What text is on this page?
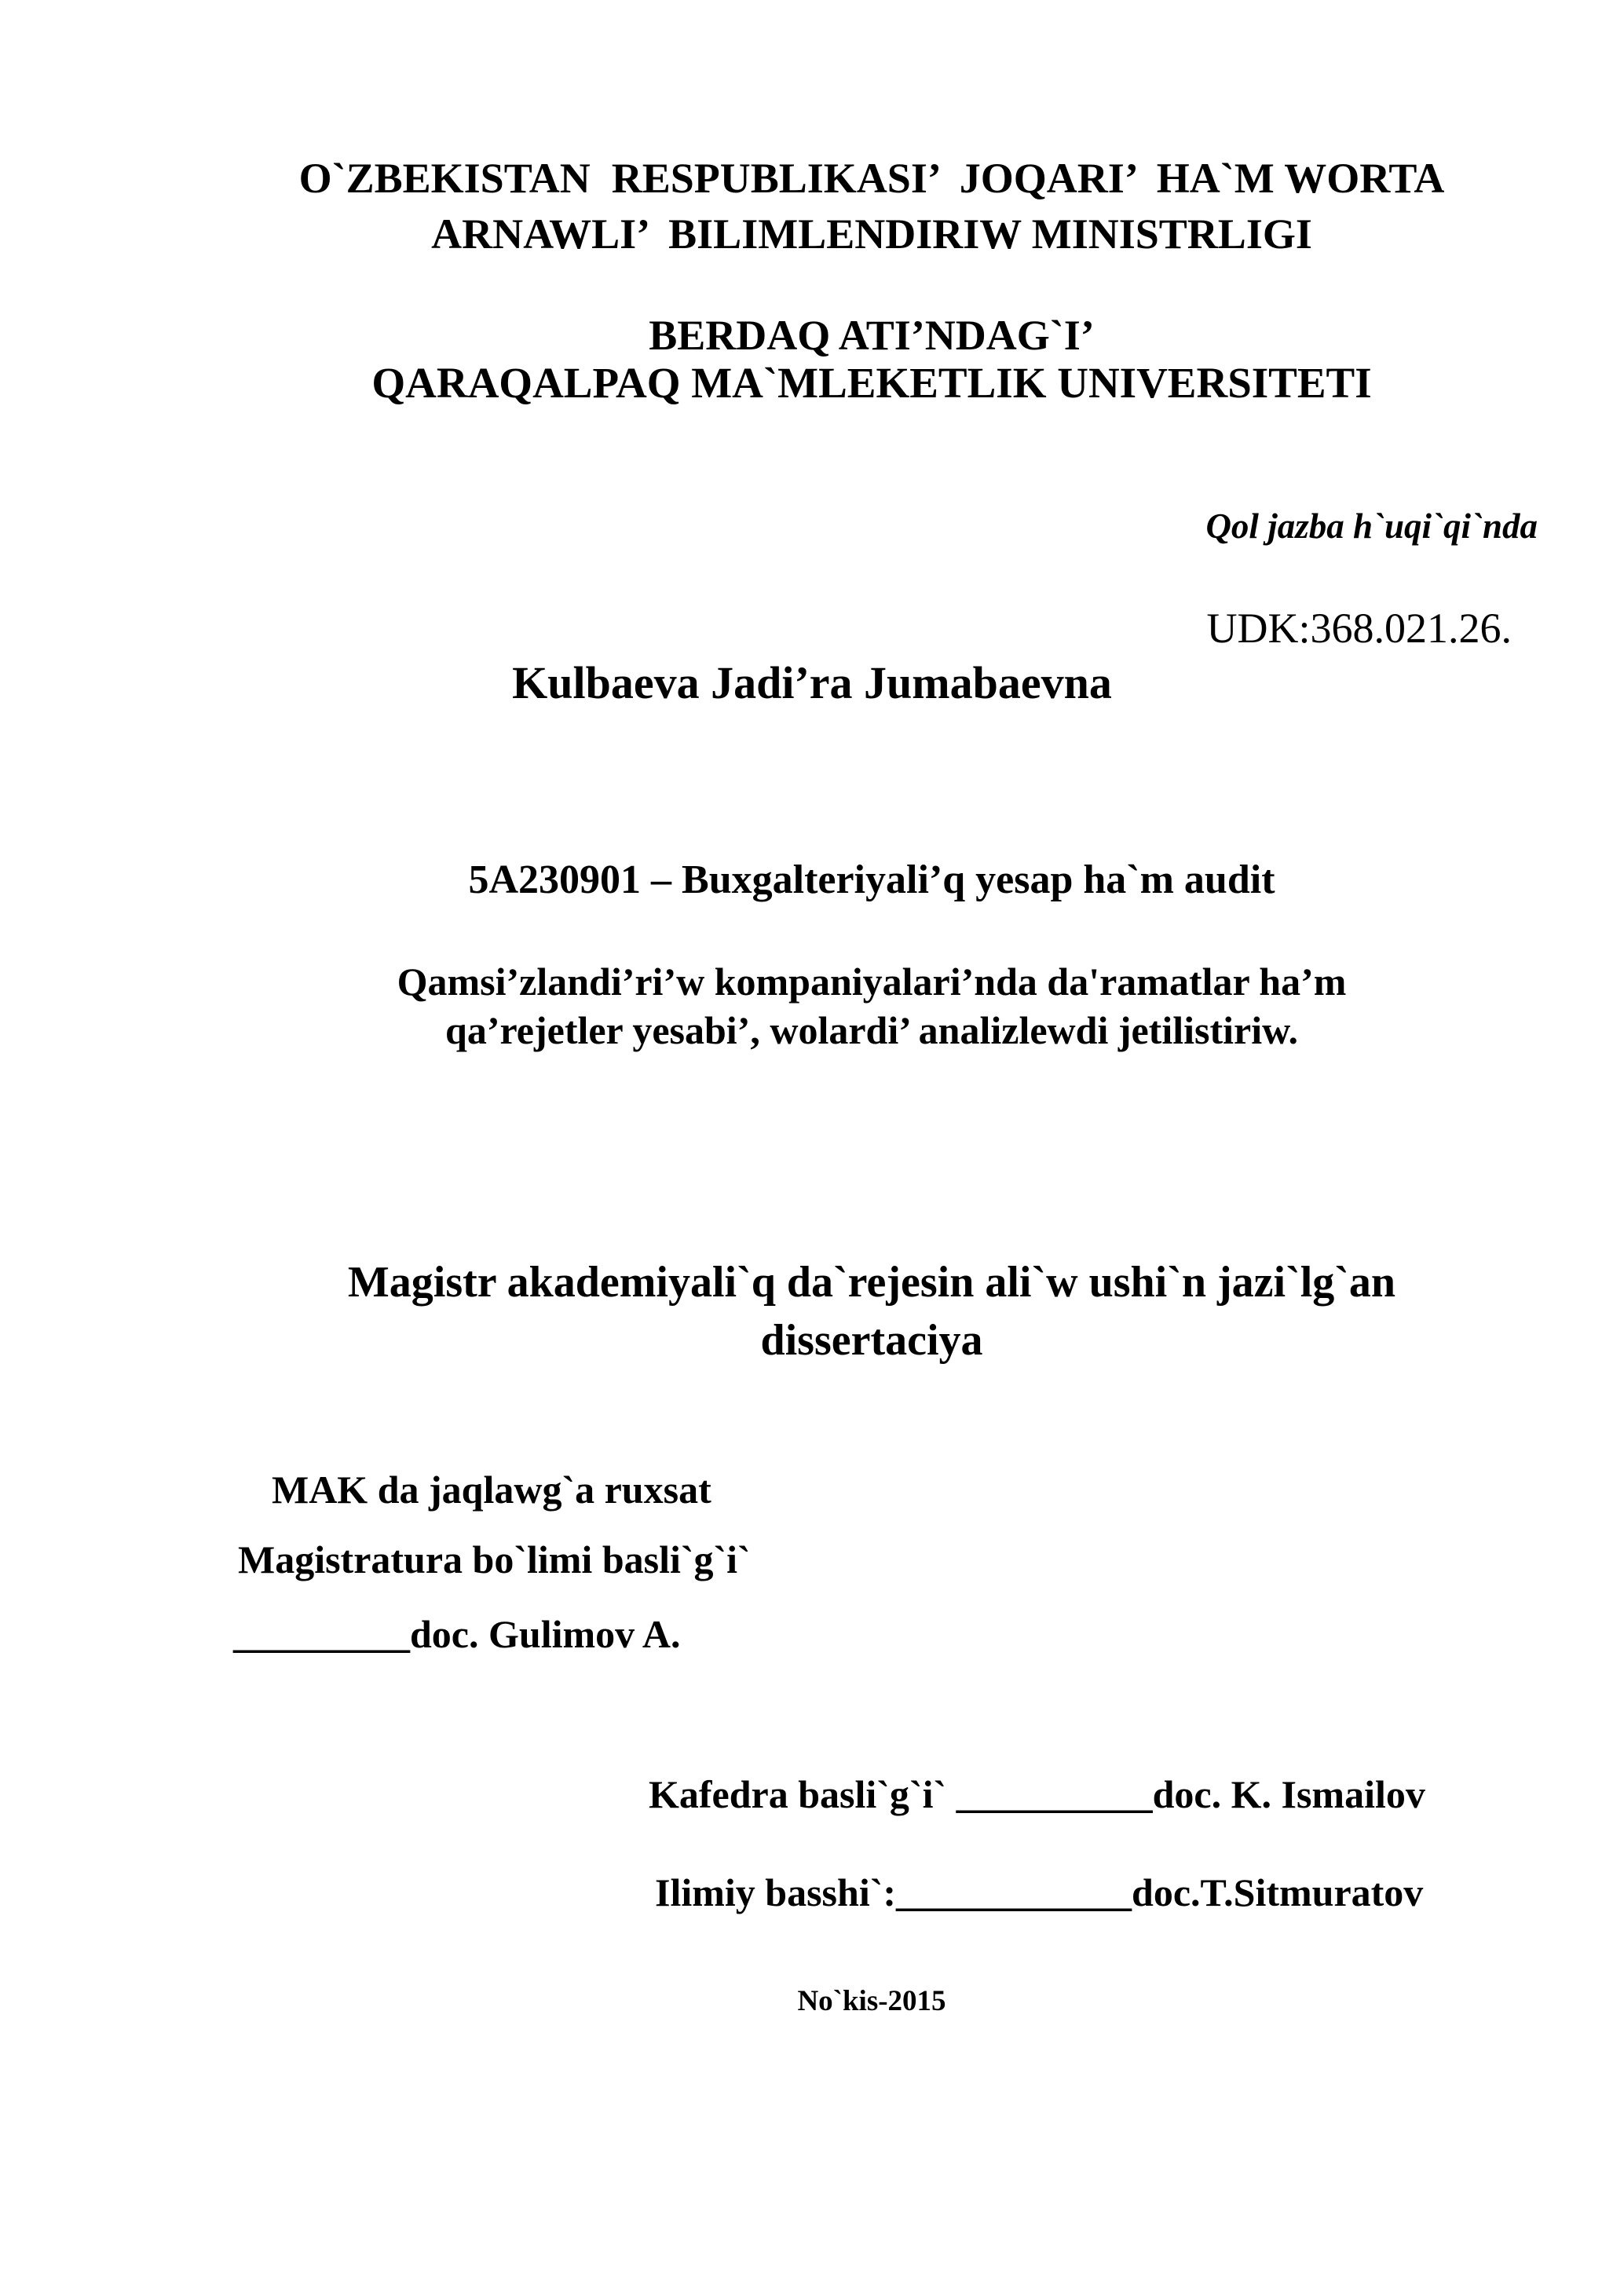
O`ZBEKISTAN  RESPUBLIKASI’  JOQARI’  HA`M WORTA
ARNAWLI’  BILIMLENDIRIW MINISTRLIGI
BERDAQ ATI’NDAG`I’
QARAQALPAQ MA`MLEKETLIK UNIVERSITETI
Qol jazba h`uqi`qi`nda
UDK:368.021.26.
Kulbaeva Jadi’ra Jumabaevna
5A230901 – Buxgalteriyali’q yesap ha`m audit
Qamsi’zlandi’ri’w kompaniyalari’nda da'ramatlar ha’m
qa’rejetler yesabi’, wolardi’ analizlewdi jetilistiriw.
Magistr akademiyali`q da`rejesin ali`w ushi`n jazi`lg`an
dissertaciya
MAK da jaqlawg`a ruxsat
Magistratura bo`limi basli`g`i`
_________doc. Gulimov A.
Kafedra basli`g`i` __________doc. K. Ismailov
Ilimiy basshi`:____________doc.T.Sitmuratov
No`kis-2015
